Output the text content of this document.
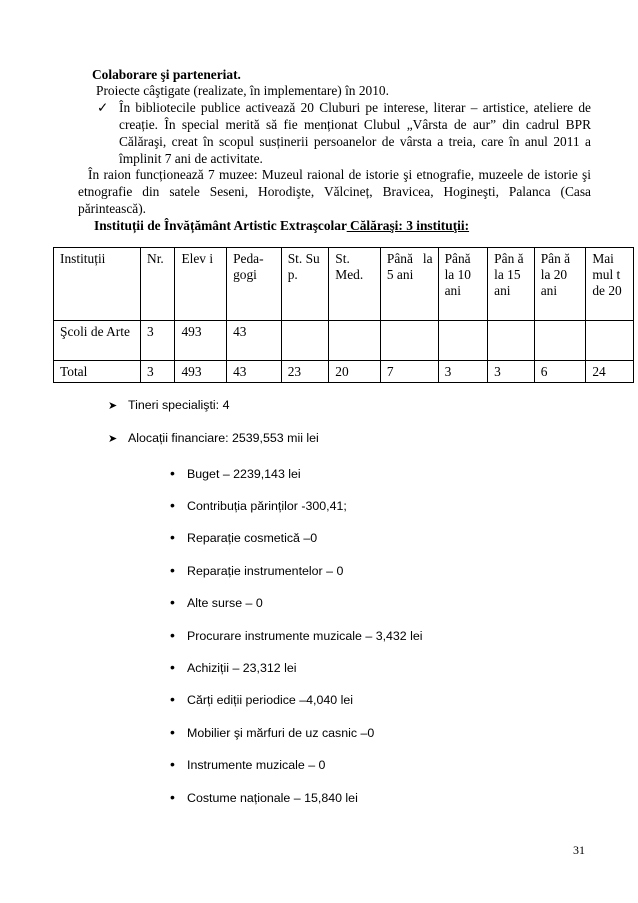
Colaborare şi parteneriat.
Proiecte câştigate (realizate, în implementare) în 2010.
✓ În bibliotecile publice activează 20 Cluburi pe interese, literar – artistice, ateliere de creație. În special merită să fie menționat Clubul „Vârsta de aur” din cadrul BPR Călăraşi, creat în scopul susținerii persoanelor de vârsta a treia, care în anul 2011 a împlinit 7 ani de activitate.
În raion funcționează 7 muzee: Muzeul raional de istorie şi etnografie, muzeele de istorie şi etnografie din satele Seseni, Horodişte, Vălcineț, Bravicea, Hogineşti, Palanca (Casa părintească).
Instituții de Învățământ Artistic Extraşcolar Călăraşi: 3 instituţii:
Instituții	Nr.	Elev i	Peda- gogi	St. Su p.	St. Med.	Până la 5 ani	Până la 10 ani	Pân ă la 15 ani	Pân ă la 20 ani	Mai mul t de 20
Şcoli de Arte	3	493	43							
Total	3	493	43	23	20	7	3	3	6	24
➤ Tineri specialişti: 4
➤ Alocații financiare: 2539,553 mii lei
• Buget – 2239,143 lei
• Contribuția părinților -300,41;
• Reparație cosmetică –0
• Reparație instrumentelor – 0
• Alte surse – 0
• Procurare instrumente muzicale – 3,432 lei
• Achiziții – 23,312 lei
• Cărți ediții periodice –4,040 lei
• Mobilier şi mărfuri de uz casnic –0
• Instrumente muzicale – 0
• Costume naționale – 15,840 lei
31
